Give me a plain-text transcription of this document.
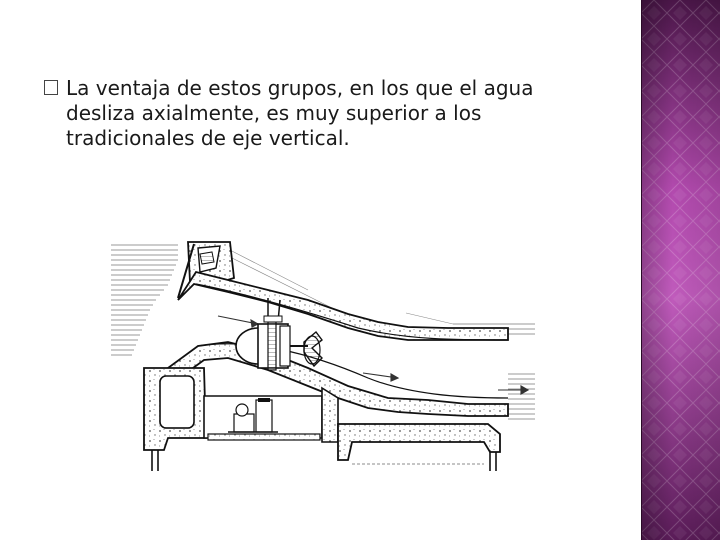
La ventaja de estos grupos, en los que el agua
desliza axialmente, es muy superior a los
tradicionales de eje vertical.
